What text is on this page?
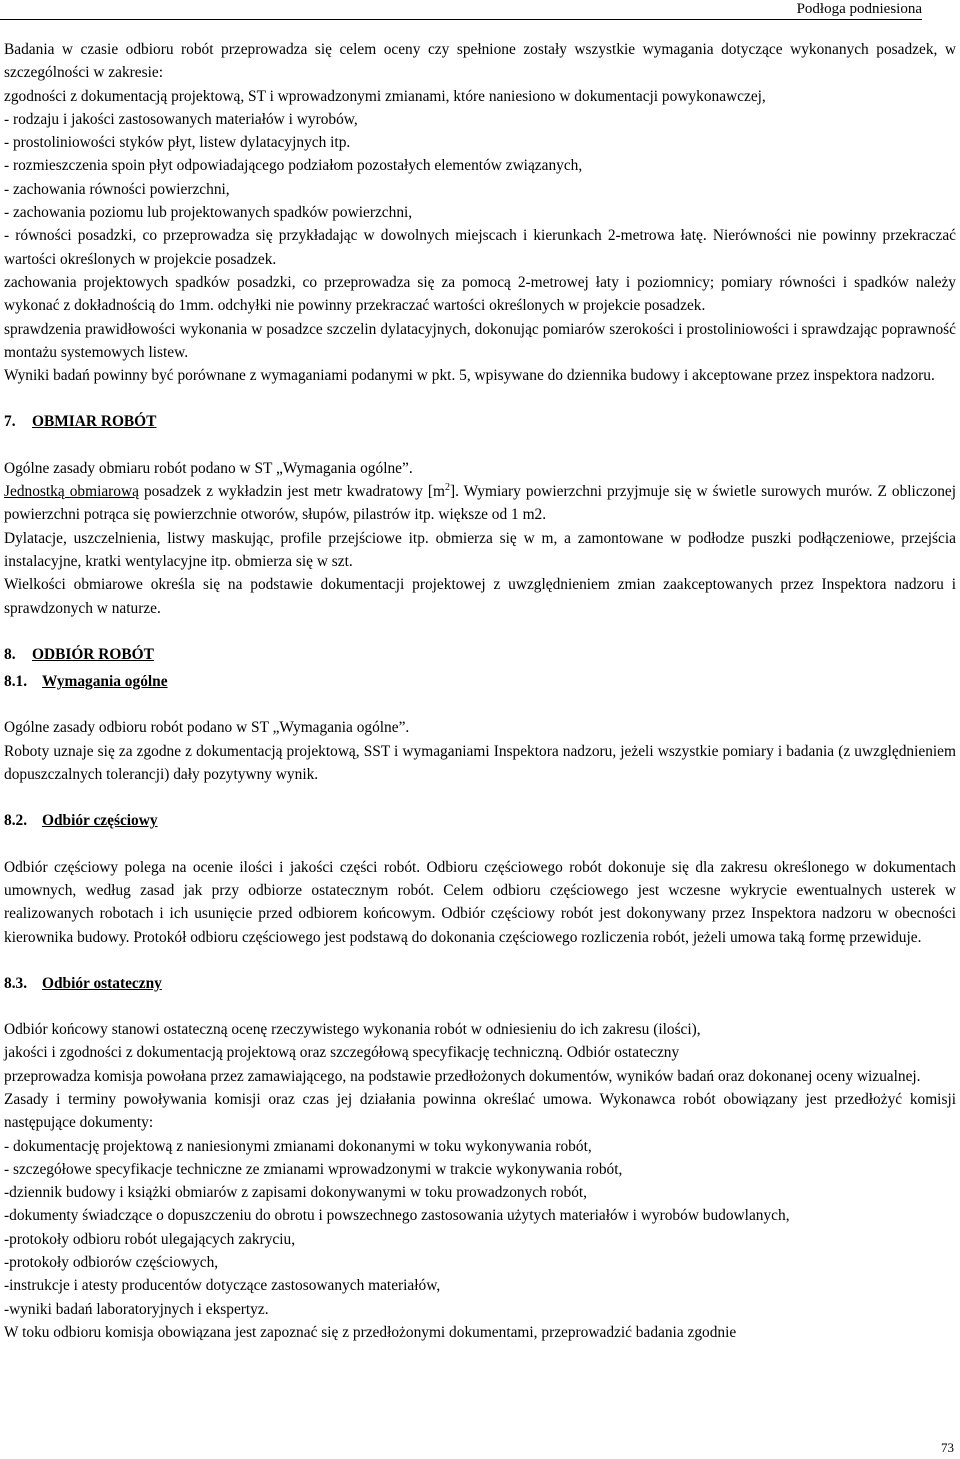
Podłoga podniesiona

Badania w czasie odbioru robót przeprowadza się celem oceny czy spełnione zostały wszystkie wymagania dotyczące wykonanych posadzek, w szczególności w zakresie:

zgodności z dokumentacją projektową, ST i wprowadzonymi zmianami, które naniesiono w dokumentacji powykonawczej,

- rodzaju i jakości zastosowanych materiałów i wyrobów,

- prostoliniowości styków płyt, listew dylatacyjnych itp.

- rozmieszczenia spoin płyt odpowiadającego podziałom pozostałych elementów związanych,

- zachowania równości powierzchni,

- zachowania poziomu lub projektowanych spadków powierzchni,

- równości posadzki, co przeprowadza się przykładając w dowolnych miejscach i kierunkach 2-metrowa łatę. Nierówności nie powinny przekraczać wartości określonych w projekcie posadzek.

zachowania projektowych spadków posadzki, co przeprowadza się za pomocą 2-metrowej łaty i poziomnicy; pomiary równości i spadków należy wykonać z dokładnością do 1mm. odchyłki nie powinny przekraczać wartości określonych w projekcie posadzek.

sprawdzenia prawidłowości wykonania w posadzce szczelin dylatacyjnych, dokonując pomiarów szerokości i prostoliniowości i sprawdzając poprawność montażu systemowych listew.

Wyniki badań powinny być porównane z wymaganiami podanymi w pkt. 5, wpisywane do dziennika budowy i akceptowane przez inspektora nadzoru.

7. OBMIAR ROBÓT

Ogólne zasady obmiaru robót podano w ST „Wymagania ogólne”.

Jednostką obmiarową posadzek z wykładzin jest metr kwadratowy $[m^2]$. Wymiary powierzchni przyjmuje się w świetle surowych murów. Z obliczonej powierzchni potrąca się powierzchnie otworów, słupów, pilastrów itp. większe od 1 m2.

Dylatacje, uszczelnienia, listwy maskując, profile przejściowe itp. obmierza się w m, a zamontowane w podłodze puszki podłączeniowe, przejścia instalacyjne, kratki wentylacyjne itp. obmierza się w szt.

Wielkości obmiarowe określa się na podstawie dokumentacji projektowej z uwzględnieniem zmian zaakceptowanych przez Inspektora nadzoru i sprawdzonych w naturze.

8. ODBIÓR ROBÓT

8.1. Wymagania ogólne

Ogólne zasady odbioru robót podano w ST „Wymagania ogólne”.

Roboty uznaje się za zgodne z dokumentacją projektową, SST i wymaganiami Inspektora nadzoru, jeżeli wszystkie pomiary i badania (z uwzględnieniem dopuszczalnych tolerancji) dały pozytywny wynik.

8.2. Odbiór częściowy

Odbiór częściowy polega na ocenie ilości i jakości części robót. Odbioru częściowego robót dokonuje się dla zakresu określonego w dokumentach umownych, według zasad jak przy odbiorze ostatecznym robót. Celem odbioru częściowego jest wczesne wykrycie ewentualnych usterek w realizowanych robotach i ich usunięcie przed odbiorem końcowym. Odbiór częściowy robót jest dokonywany przez Inspektora nadzoru w obecności kierownika budowy. Protokół odbioru częściowego jest podstawą do dokonania częściowego rozliczenia robót, jeżeli umowa taką formę przewiduje.

8.3. Odbiór ostateczny

Odbiór końcowy stanowi ostateczną ocenę rzeczywistego wykonania robót w odniesieniu do ich zakresu (ilości),

jakości i zgodności z dokumentacją projektową oraz szczegółową specyfikację techniczną. Odbiór ostateczny

przeprowadza komisja powołana przez zamawiającego, na podstawie przedłożonych dokumentów, wyników badań oraz dokonanej oceny wizualnej.

Zasady i terminy powoływania komisji oraz czas jej działania powinna określać umowa. Wykonawca robót obowiązany jest przedłożyć komisji następujące dokumenty:

- dokumentację projektową z naniesionymi zmianami dokonanymi w toku wykonywania robót,

- szczegółowe specyfikacje techniczne ze zmianami wprowadzonymi w trakcie wykonywania robót,

-dziennik budowy i książki obmiarów z zapisami dokonywanymi w toku prowadzonych robót,

-dokumenty świadczące o dopuszczeniu do obrotu i powszechnego zastosowania użytych materiałów i wyrobów budowlanych,

-protokoły odbioru robót ulegających zakryciu,

-protokoły odbiorów częściowych,

-instrukcje i atesty producentów dotyczące zastosowanych materiałów,

-wyniki badań laboratoryjnych i ekspertyz.

W toku odbioru komisja obowiązana jest zapoznać się z przedłożonymi dokumentami, przeprowadzić badania zgodnie

73
